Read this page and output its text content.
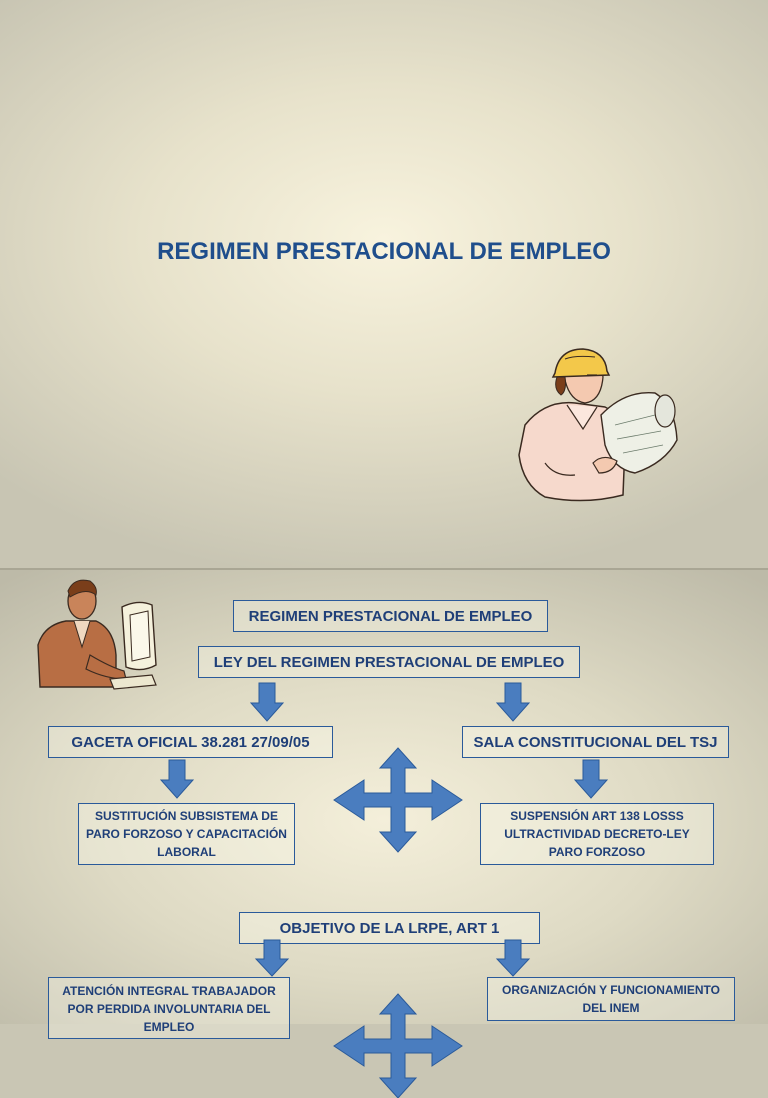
REGIMEN PRESTACIONAL DE EMPLEO
REGIMEN PRESTACIONAL DE EMPLEO
LEY DEL REGIMEN PRESTACIONAL DE EMPLEO
GACETA OFICIAL 38.281 27/09/05	SALA CONSTITUCIONAL DEL TSJ
SUSTITUCIÓN SUBSISTEMA DE PARO FORZOSO Y CAPACITACIÓN LABORAL
SUSPENSIÓN ART 138 LOSSS ULTRACTIVIDAD DECRETO-LEY PARO FORZOSO
OBJETIVO DE LA LRPE, ART 1
ATENCIÓN INTEGRAL TRABAJADOR POR PERDIDA INVOLUNTARIA DEL EMPLEO
ORGANIZACIÓN Y FUNCIONAMIENTO DEL INEM
